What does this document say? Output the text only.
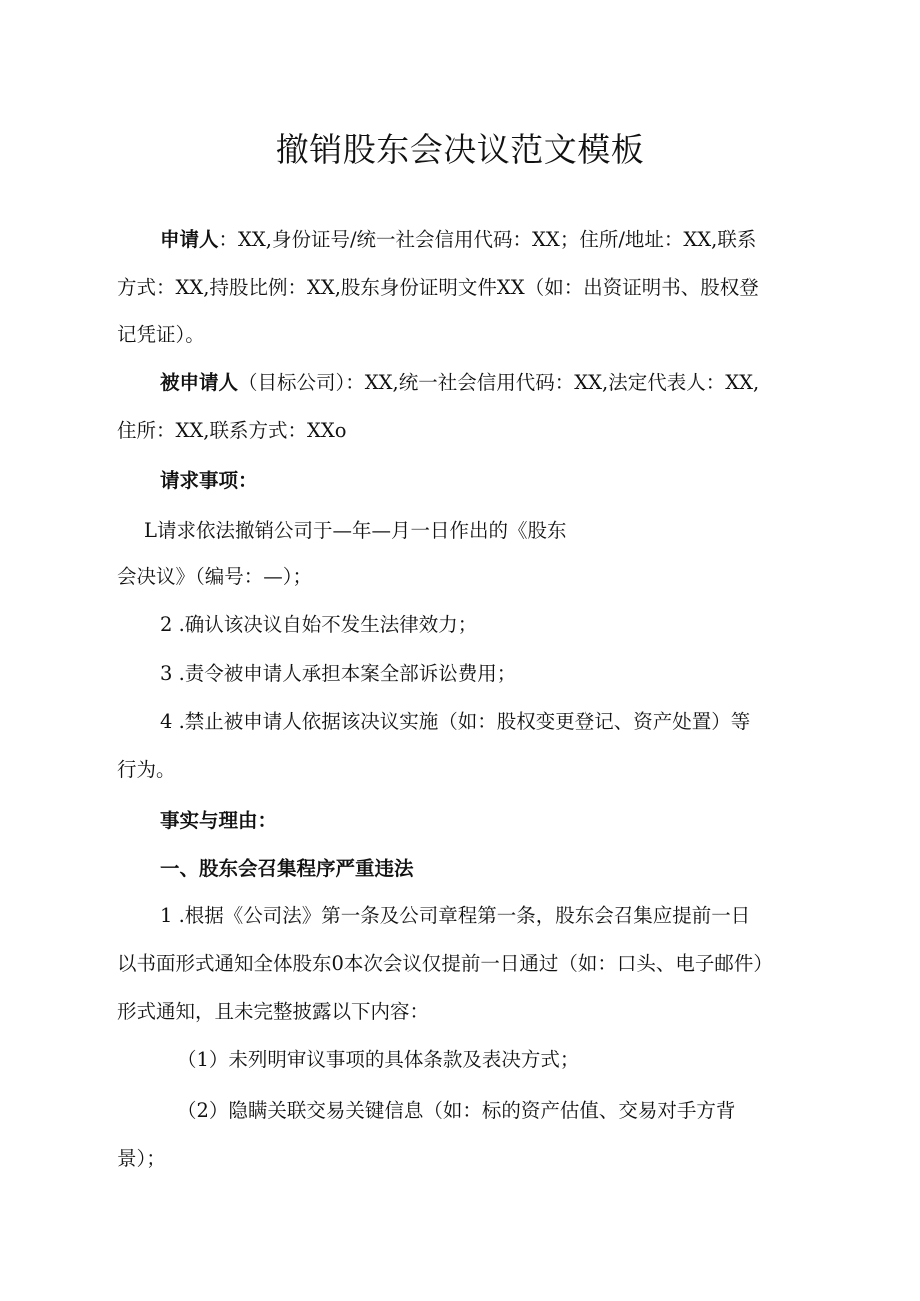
撤销股东会决议范文模板
申请人：XX,身份证号/统一社会信用代码：XX；住所/地址：XX,联系
方式：XX,持股比例：XX,股东身份证明文件XX（如：出资证明书、股权登
记凭证）。
被申请人（目标公司）：XX,统一社会信用代码：XX,法定代表人：XX,
住所：XX,联系方式：XXo
请求事项：
L请求依法撤销公司于—年—月一日作出的《股东
会决议》（编号：—）；
2 .确认该决议自始不发生法律效力；
3 .责令被申请人承担本案全部诉讼费用；
4 .禁止被申请人依据该决议实施（如：股权变更登记、资产处置）等
行为。
事实与理由：
一、股东会召集程序严重违法
1 .根据《公司法》第一条及公司章程第一条，股东会召集应提前一日
以书面形式通知全体股东0本次会议仅提前一日通过（如：口头、电子邮件）
形式通知，且未完整披露以下内容：
（1）未列明审议事项的具体条款及表决方式；
（2）隐瞒关联交易关键信息（如：标的资产估值、交易对手方背
景）；
